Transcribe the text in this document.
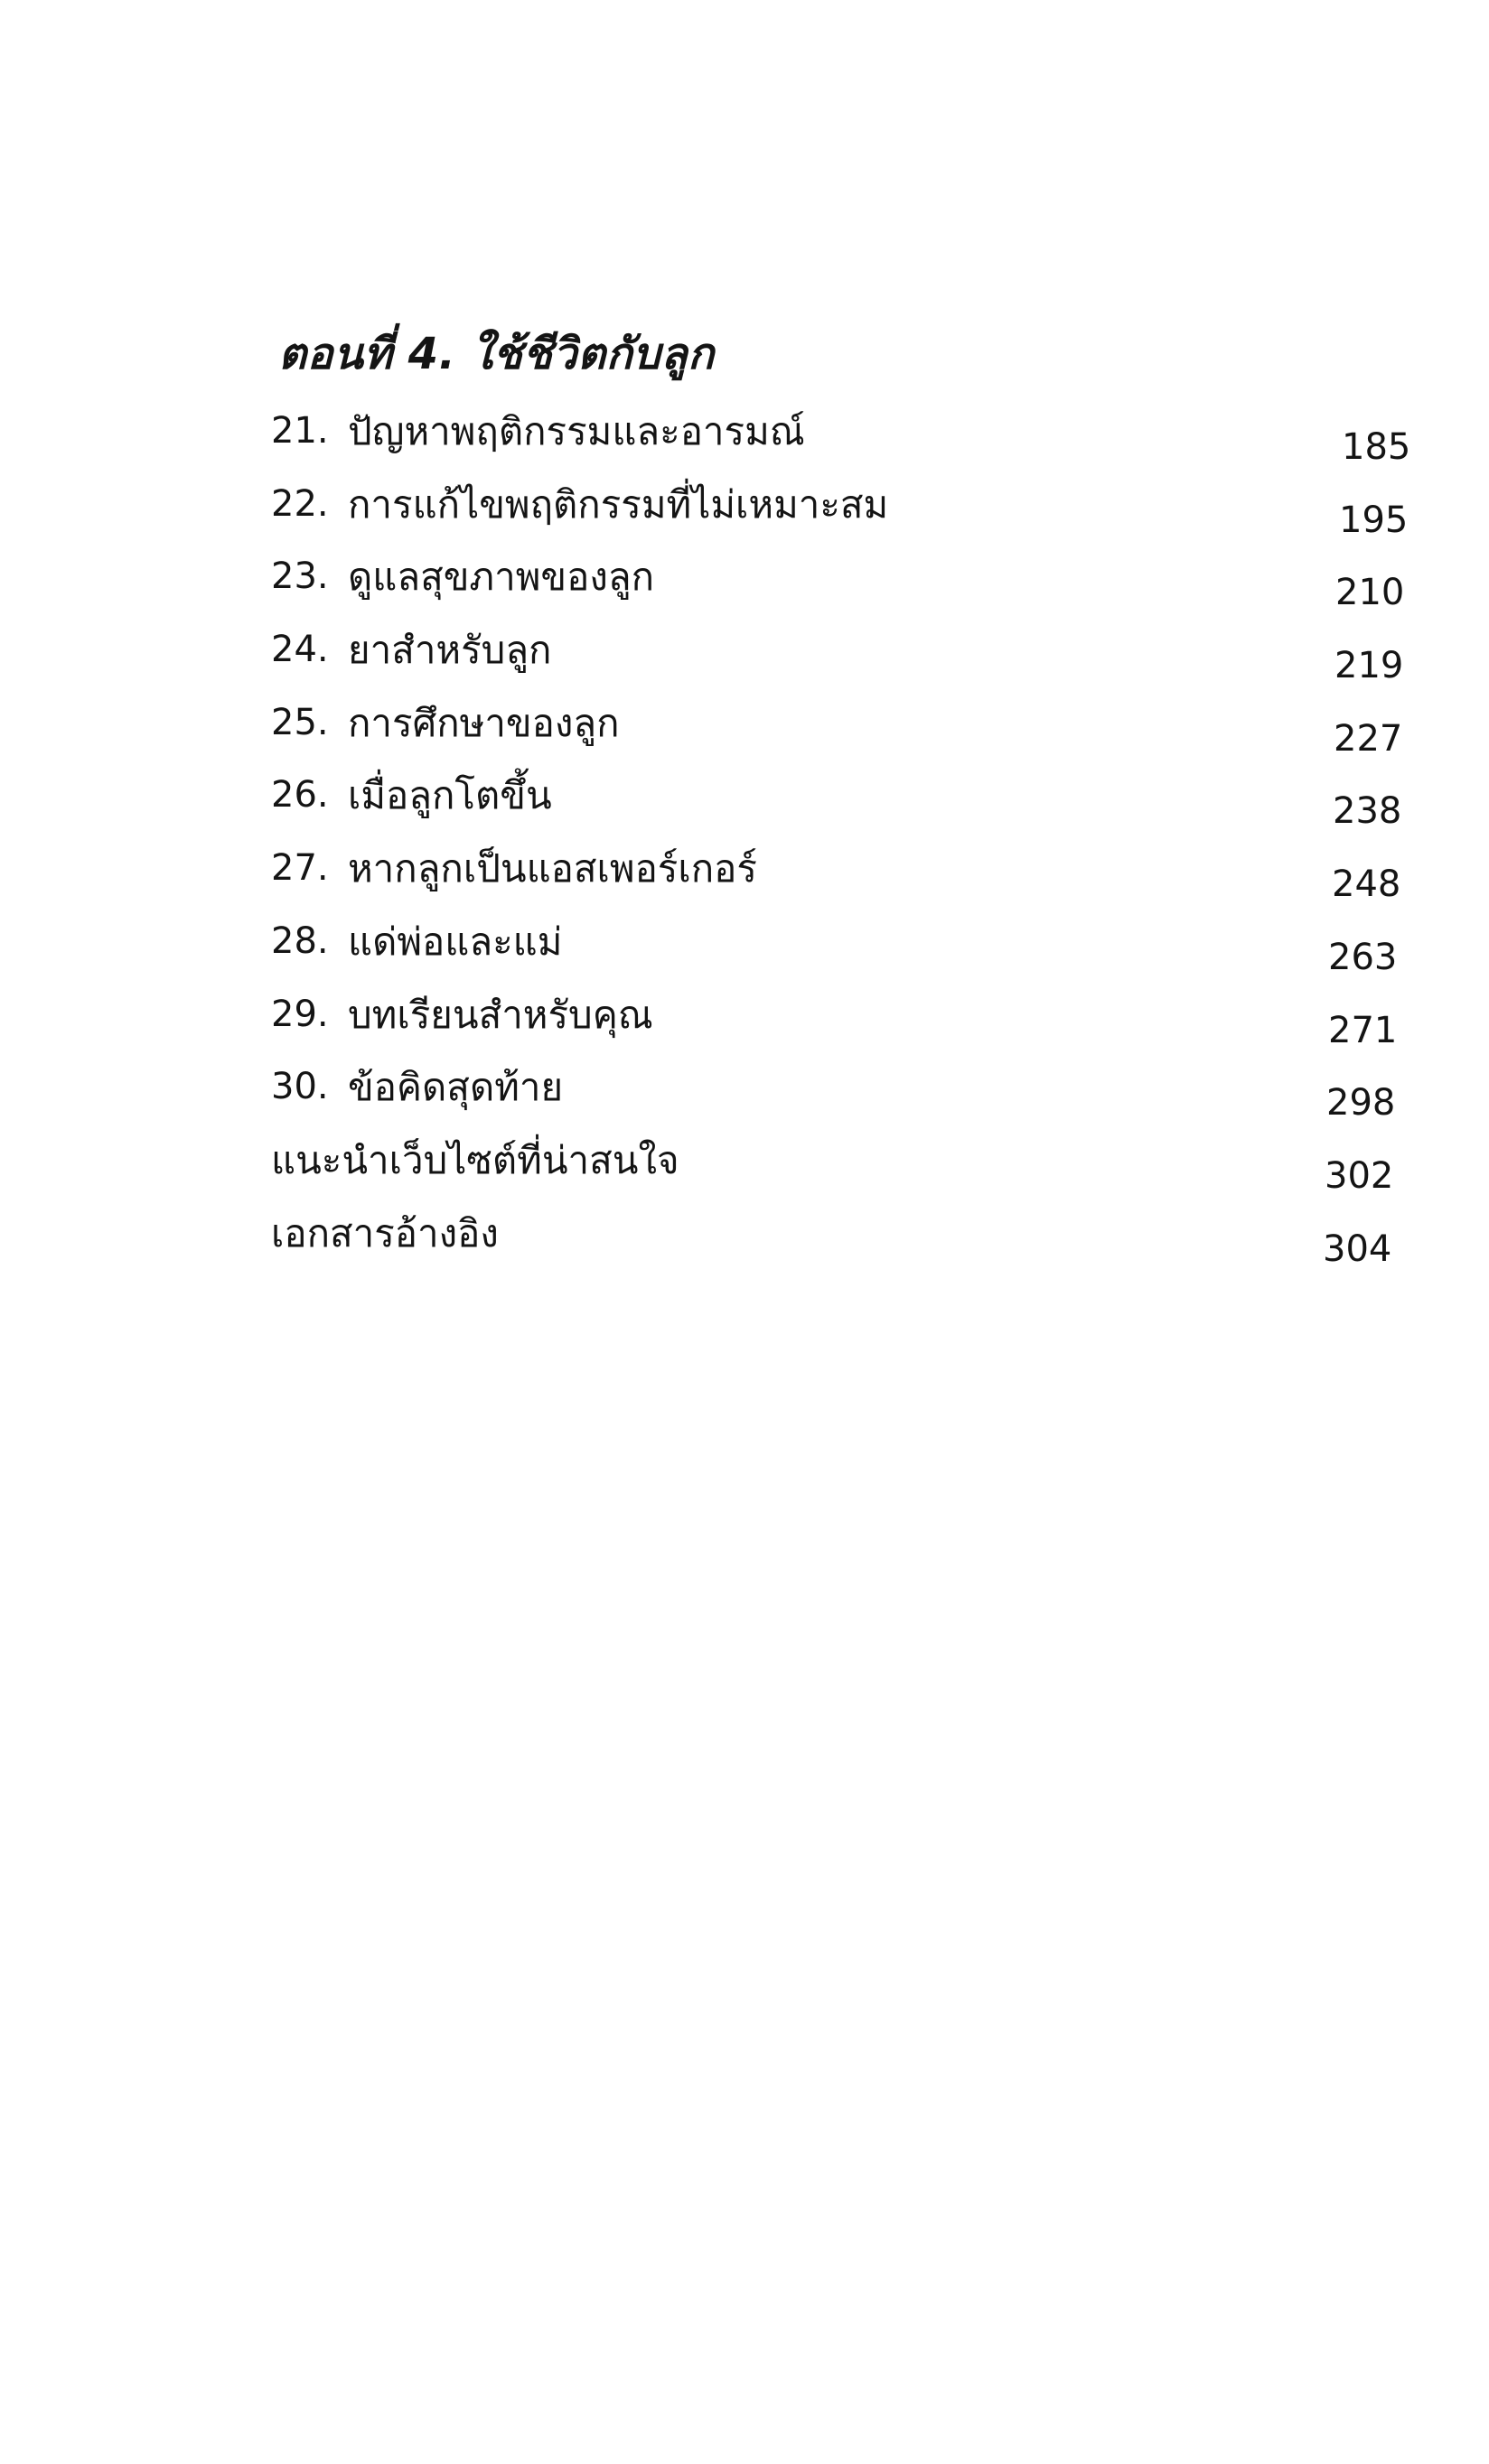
ตอนที่ 4. ใช้ชีวิตกับลูก
21. ปัญหาพฤติกรรมและอารมณ์	185
22. การแก้ไขพฤติกรรมที่ไม่เหมาะสม	195
23. ดูแลสุขภาพของลูก	210
24. ยาสำหรับลูก	219
25. การศึกษาของลูก	227
26. เมื่อลูกโตขึ้น	238
27. หากลูกเป็นแอสเพอร์เกอร์	248
28. แด่พ่อและแม่	263
29. บทเรียนสำหรับคุณ	271
30. ข้อคิดสุดท้าย	298
แนะนำเว็บไซต์ที่น่าสนใจ	302
เอกสารอ้างอิง	304
